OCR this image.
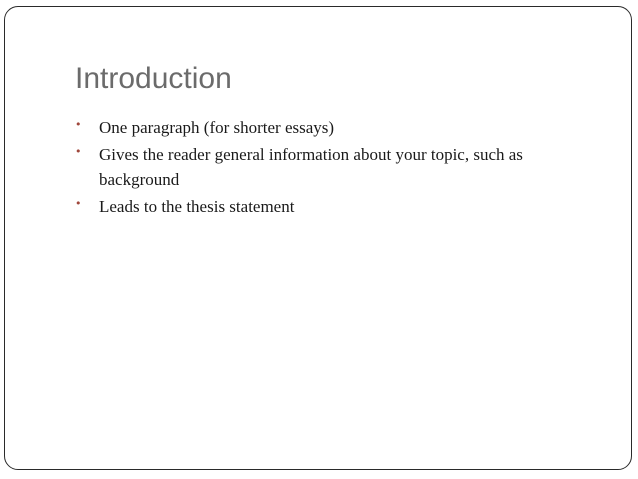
Introduction
•	One paragraph (for shorter essays)
•	Gives the reader general information about your topic, such as background
•	Leads to the thesis statement
